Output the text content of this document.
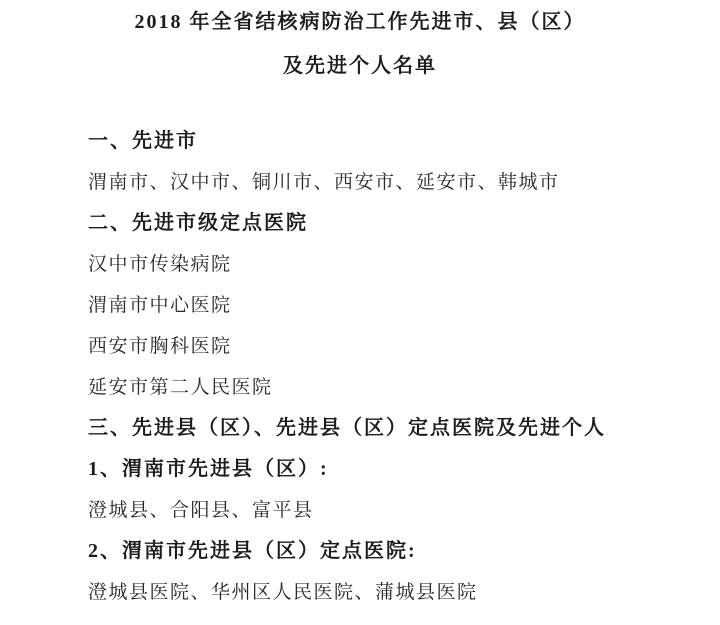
2018 年全省结核病防治工作先进市、县（区）
及先进个人名单
一、先进市
渭南市、汉中市、铜川市、西安市、延安市、韩城市
二、先进市级定点医院
汉中市传染病院
渭南市中心医院
西安市胸科医院
延安市第二人民医院
三、先进县（区）、先进县（区）定点医院及先进个人
1、渭南市先进县（区）:
澄城县、合阳县、富平县
2、渭南市先进县（区）定点医院:
澄城县医院、华州区人民医院、蒲城县医院
